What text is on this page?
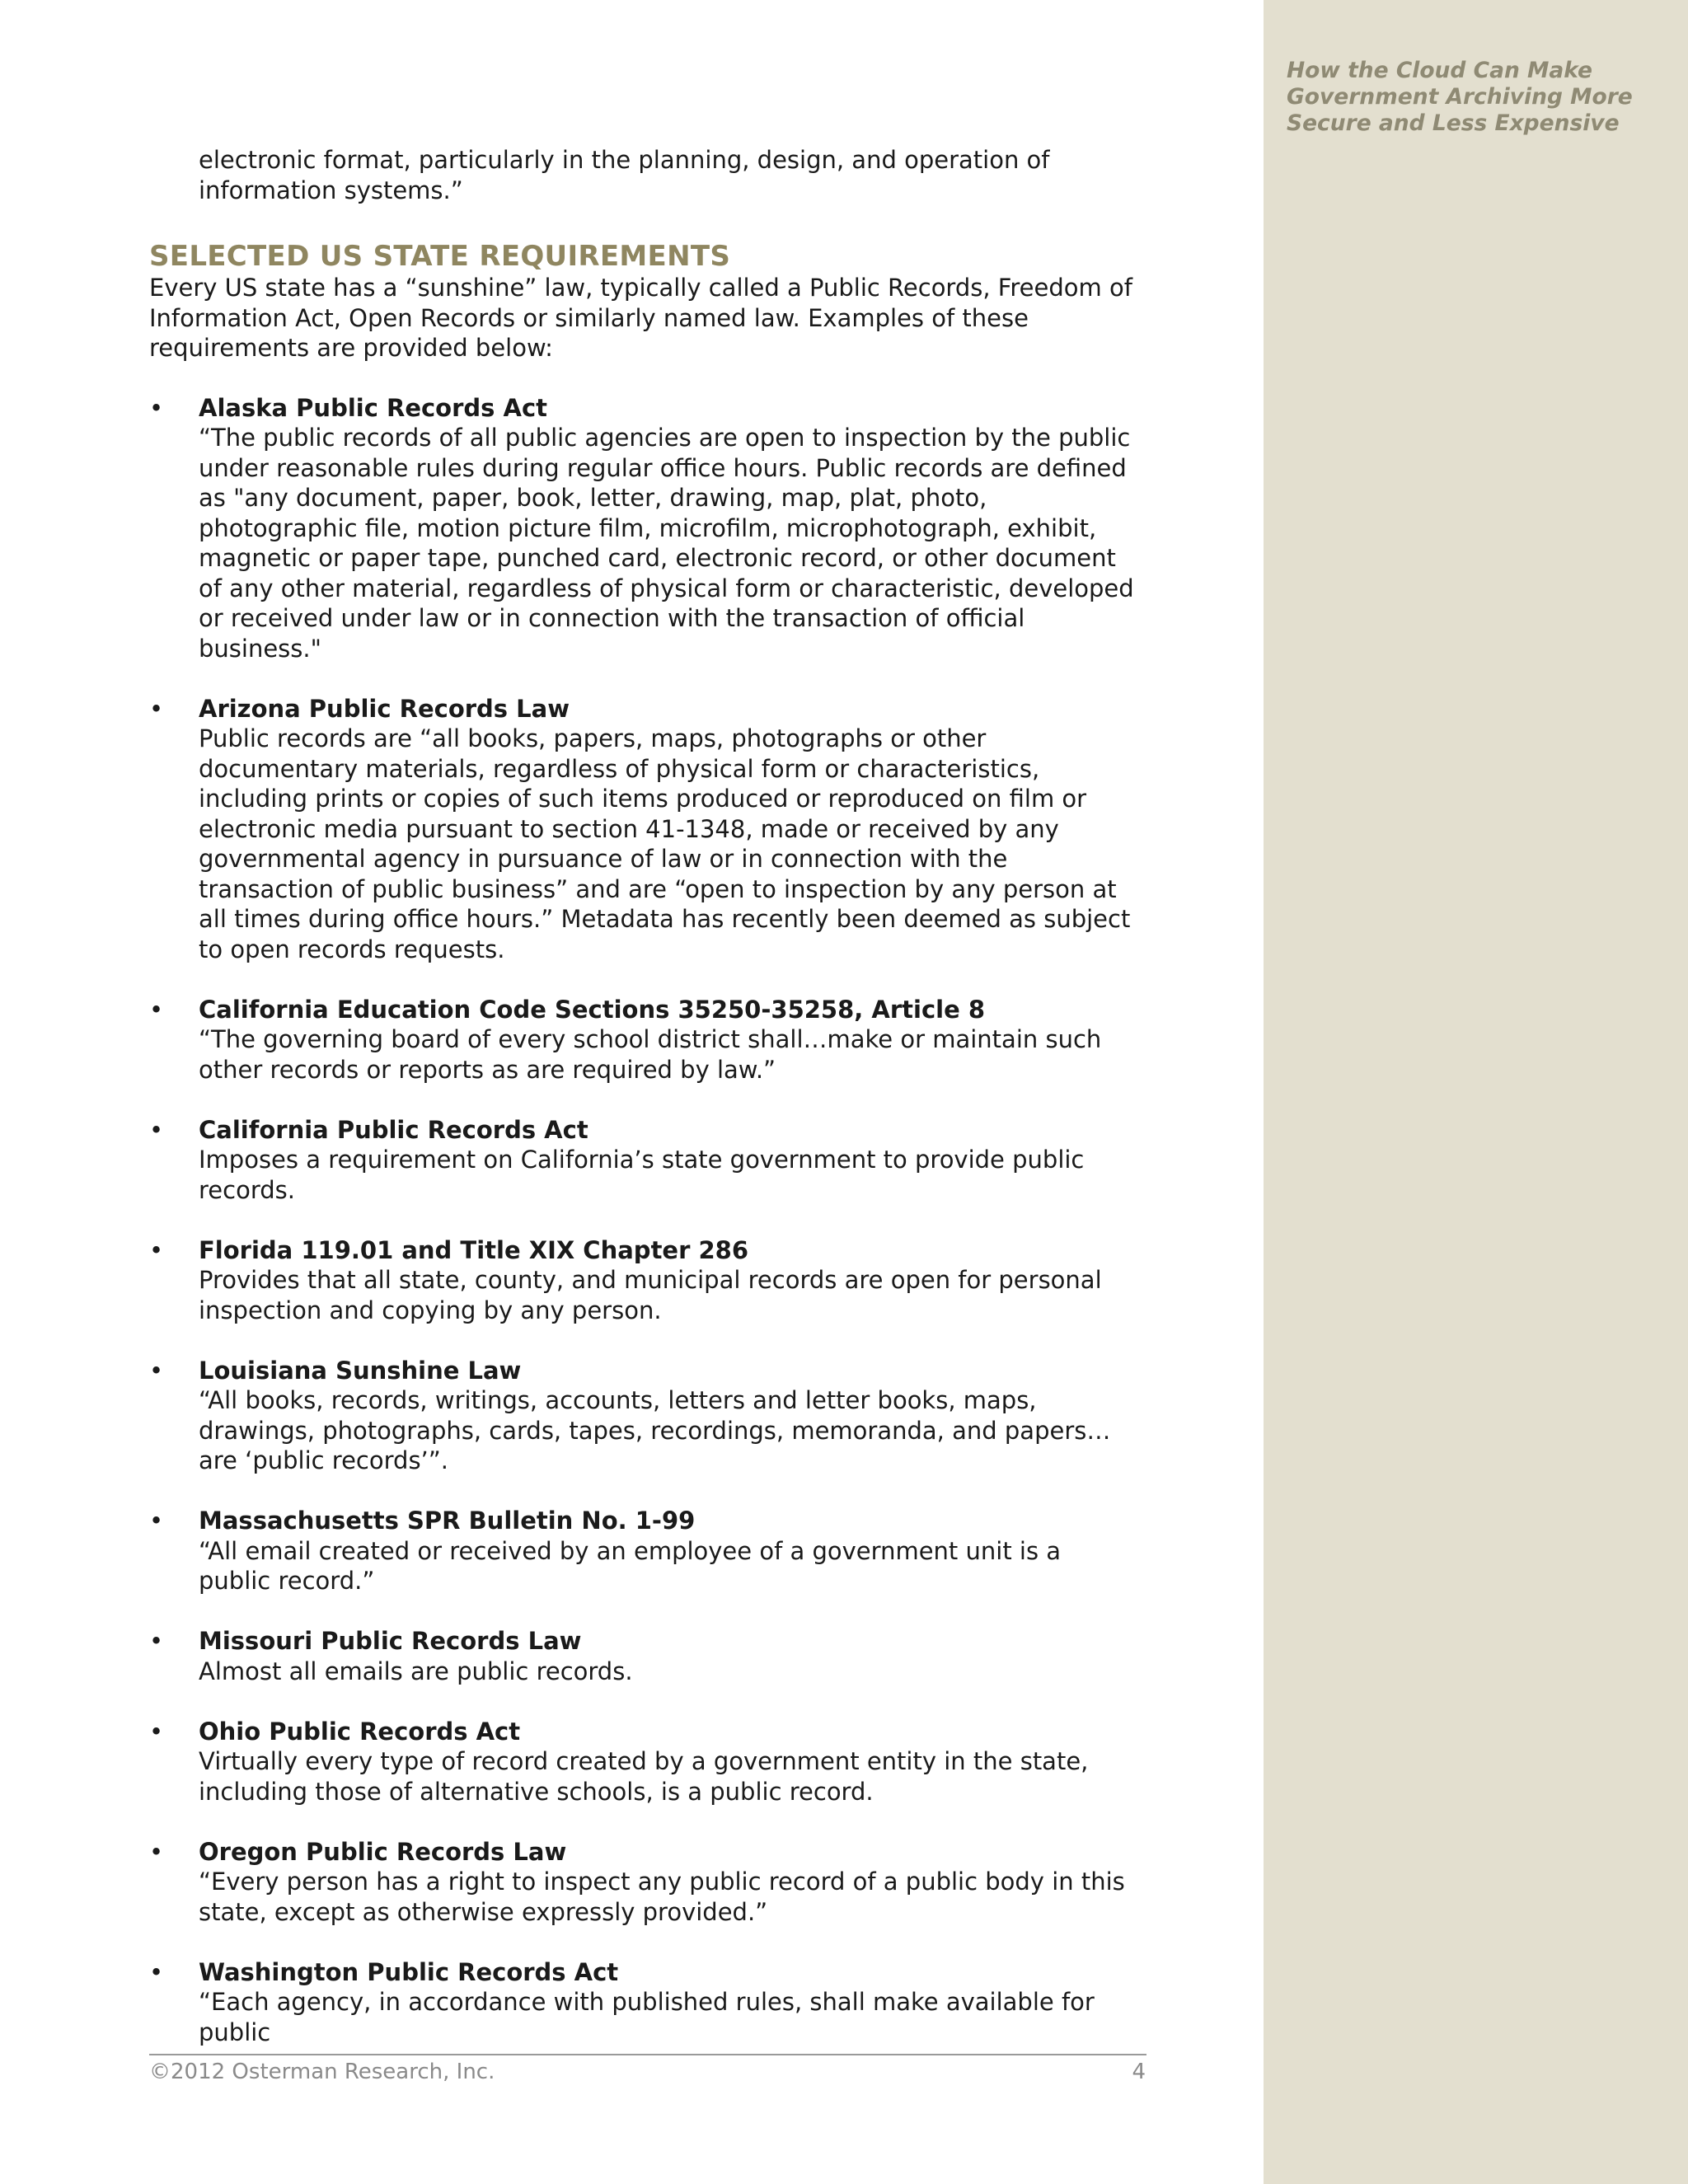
How the Cloud Can Make Government Archiving More Secure and Less Expensive

electronic format, particularly in the planning, design, and operation of information systems.”

SELECTED US STATE REQUIREMENTS

Every US state has a “sunshine” law, typically called a Public Records, Freedom of Information Act, Open Records or similarly named law. Examples of these requirements are provided below:

• Alaska Public Records Act
“The public records of all public agencies are open to inspection by the public under reasonable rules during regular office hours. Public records are defined as "any document, paper, book, letter, drawing, map, plat, photo, photographic file, motion picture film, microfilm, microphotograph, exhibit, magnetic or paper tape, punched card, electronic record, or other document of any other material, regardless of physical form or characteristic, developed or received under law or in connection with the transaction of official business."
• Arizona Public Records Law
Public records are “all books, papers, maps, photographs or other documentary materials, regardless of physical form or characteristics, including prints or copies of such items produced or reproduced on film or electronic media pursuant to section 41-1348, made or received by any governmental agency in pursuance of law or in connection with the transaction of public business” and are “open to inspection by any person at all times during office hours.” Metadata has recently been deemed as subject to open records requests.
• California Education Code Sections 35250-35258, Article 8
“The governing board of every school district shall…make or maintain such other records or reports as are required by law.”
• California Public Records Act
Imposes a requirement on California’s state government to provide public records.
• Florida 119.01 and Title XIX Chapter 286
Provides that all state, county, and municipal records are open for personal inspection and copying by any person.
• Louisiana Sunshine Law
“All books, records, writings, accounts, letters and letter books, maps, drawings, photographs, cards, tapes, recordings, memoranda, and papers…are ‘public records’”.
• Massachusetts SPR Bulletin No. 1-99
“All email created or received by an employee of a government unit is a public record.”
• Missouri Public Records Law
Almost all emails are public records.
• Ohio Public Records Act
Virtually every type of record created by a government entity in the state, including those of alternative schools, is a public record.
• Oregon Public Records Law
“Every person has a right to inspect any public record of a public body in this state, except as otherwise expressly provided.”
• Washington Public Records Act
“Each agency, in accordance with published rules, shall make available for public
©2012 Osterman Research, Inc.	4
